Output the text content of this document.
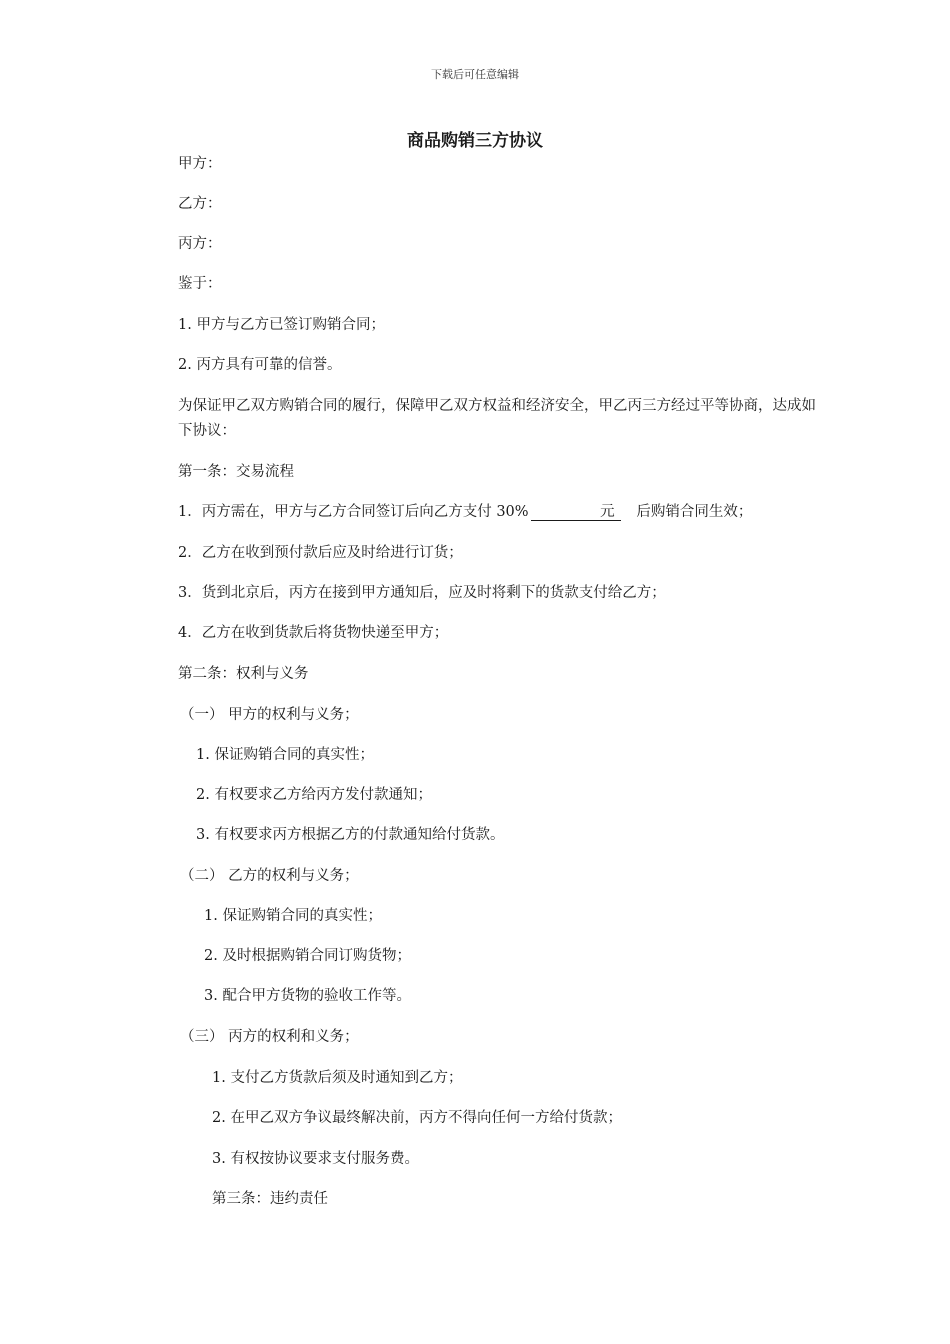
下载后可任意编辑
商品购销三方协议
甲方：
乙方：
丙方：
鉴于：
1. 甲方与乙方已签订购销合同；
2. 丙方具有可靠的信誉。
为保证甲乙双方购销合同的履行，保障甲乙双方权益和经济安全，甲乙丙三方经过平等协商，达成如下协议：
第一条：交易流程
1．丙方需在，甲方与乙方合同签订后向乙方支付 30%	元 后购销合同生效；
2．乙方在收到预付款后应及时给进行订货；
3．货到北京后，丙方在接到甲方通知后，应及时将剩下的货款支付给乙方；
4．乙方在收到货款后将货物快递至甲方；
第二条：权利与义务
（一） 甲方的权利与义务；
1. 保证购销合同的真实性；
2. 有权要求乙方给丙方发付款通知；
3. 有权要求丙方根据乙方的付款通知给付货款。
（二） 乙方的权利与义务；
1. 保证购销合同的真实性；
2. 及时根据购销合同订购货物；
3. 配合甲方货物的验收工作等。
（三） 丙方的权利和义务；
1. 支付乙方货款后须及时通知到乙方；
2. 在甲乙双方争议最终解决前，丙方不得向任何一方给付货款；
3. 有权按协议要求支付服务费。
第三条：违约责任
